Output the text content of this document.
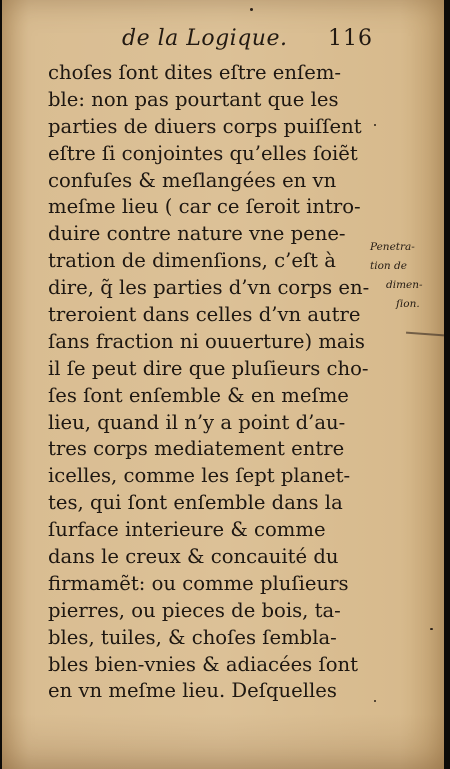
de la Logique. 116
choſes ſont dites eſtre enſem-
ble: non pas pourtant que les
parties de diuers corps puiſſent
eſtre ſi conjointes qu’elles ſoiẽt
confuſes & meſlangées en vn
meſme lieu ( car ce ſeroit intro-
duire contre nature vne pene-
tration de dimenſions, c’eſt à
dire, q̃ les parties d’vn corps en-
treroient dans celles d’vn autre
ſans fraction ni ouuerture) mais
il ſe peut dire que pluſieurs cho-
ſes ſont enſemble & en meſme
lieu, quand il n’y a point d’au-
tres corps mediatement entre
icelles, comme les ſept planet-
tes, qui ſont enſemble dans la
ſurface interieure & comme
dans le creux & concauité du
firmamẽt: ou comme pluſieurs
pierres, ou pieces de bois, ta-
bles, tuiles, & choſes ſembla-
bles bien-vnies & adiacées ſont
en vn meſme lieu. Deſquelles
Penetra-
tion de
dimen-
ſion.
